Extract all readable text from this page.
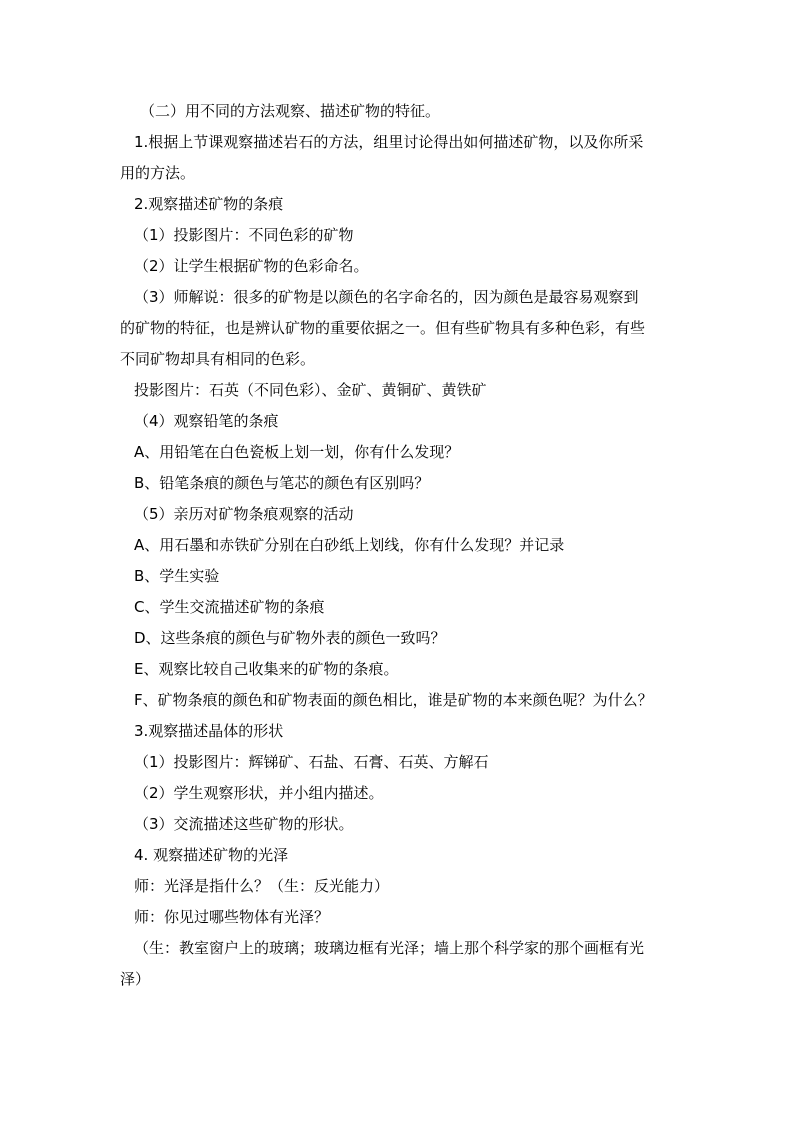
（二）用不同的方法观察、描述矿物的特征。
1.根据上节课观察描述岩石的方法，组里讨论得出如何描述矿物，以及你所采
用的方法。
2.观察描述矿物的条痕
（1）投影图片：不同色彩的矿物
（2）让学生根据矿物的色彩命名。
（3）师解说：很多的矿物是以颜色的名字命名的，因为颜色是最容易观察到
的矿物的特征，也是辨认矿物的重要依据之一。但有些矿物具有多种色彩，有些
不同矿物却具有相同的色彩。
投影图片：石英（不同色彩）、金矿、黄铜矿、黄铁矿
（4）观察铅笔的条痕
A、用铅笔在白色瓷板上划一划，你有什么发现？
B、铅笔条痕的颜色与笔芯的颜色有区别吗？
（5）亲历对矿物条痕观察的活动
A、用石墨和赤铁矿分别在白砂纸上划线，你有什么发现？并记录
B、学生实验
C、学生交流描述矿物的条痕
D、这些条痕的颜色与矿物外表的颜色一致吗？
E、观察比较自己收集来的矿物的条痕。
F、矿物条痕的颜色和矿物表面的颜色相比，谁是矿物的本来颜色呢？为什么？
3.观察描述晶体的形状
（1）投影图片：辉锑矿、石盐、石膏、石英、方解石
（2）学生观察形状，并小组内描述。
（3）交流描述这些矿物的形状。
4. 观察描述矿物的光泽
师：光泽是指什么？（生：反光能力）
师：你见过哪些物体有光泽？
（生：教室窗户上的玻璃；玻璃边框有光泽；墙上那个科学家的那个画框有光
泽）
